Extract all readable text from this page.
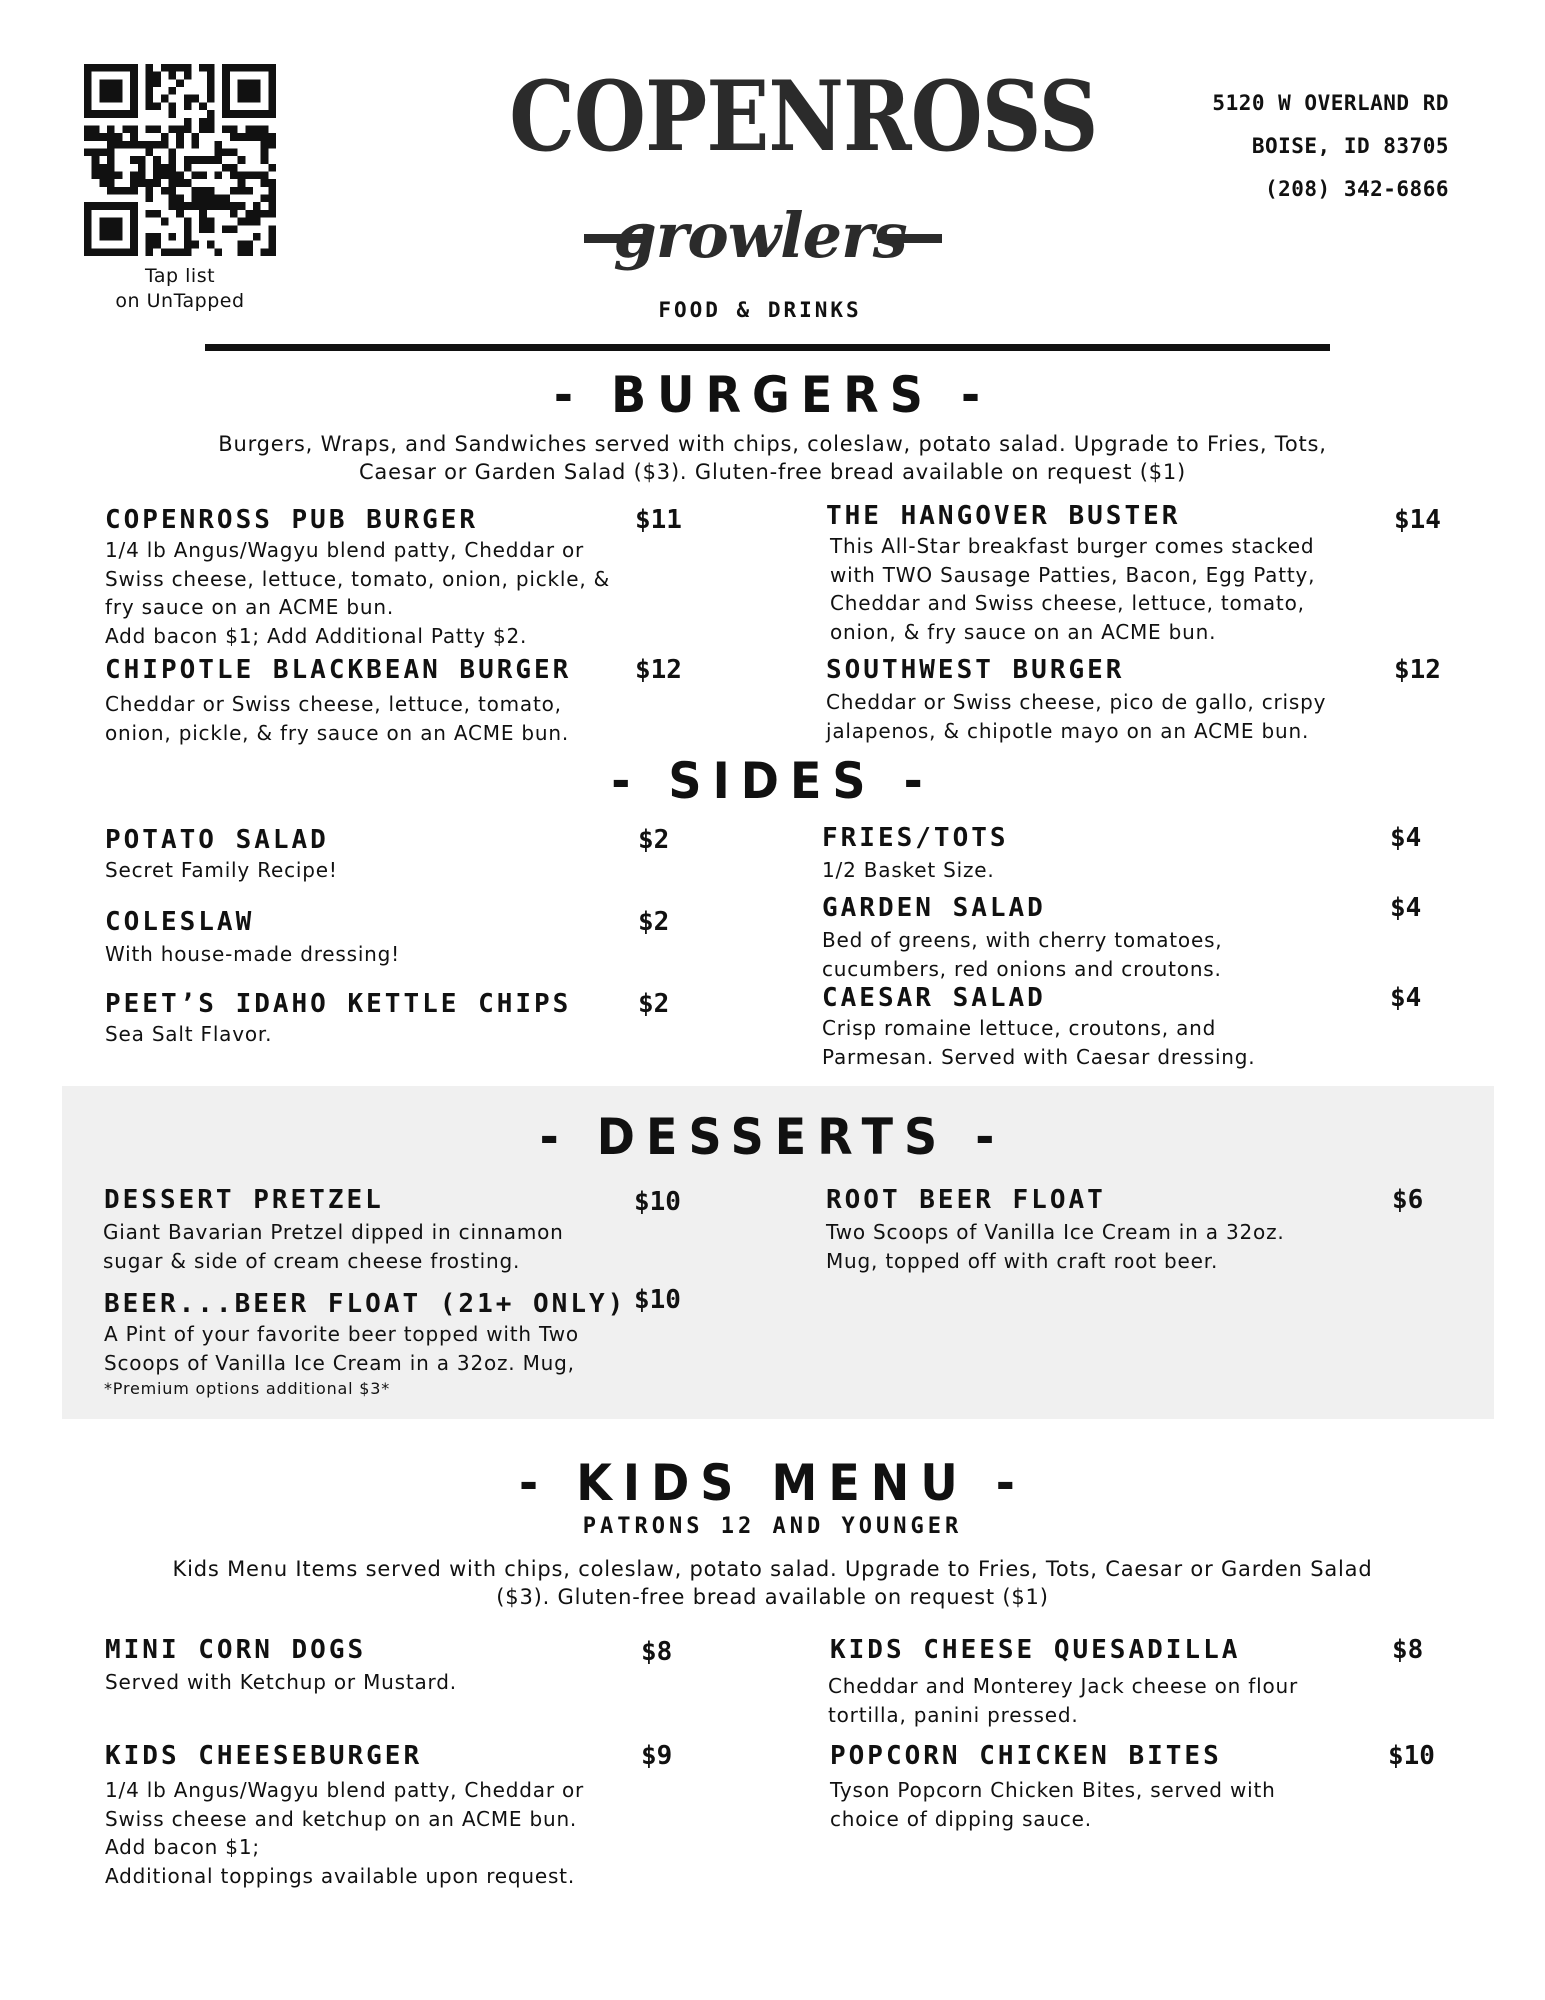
Tap list
on UnTapped
COPENROSS
growlers
FOOD & DRINKS
5120 W OVERLAND RD
BOISE, ID 83705
(208) 342-6866
- BURGERS -
Burgers, Wraps, and Sandwiches served with chips, coleslaw, potato salad. Upgrade to Fries, Tots,
Caesar or Garden Salad ($3). Gluten-free bread available on request ($1)
COPENROSS PUB BURGER	$11
1/4 lb Angus/Wagyu blend patty, Cheddar or
Swiss cheese, lettuce, tomato, onion, pickle, &
fry sauce on an ACME bun.
Add bacon $1; Add Additional Patty $2.
THE HANGOVER BUSTER	$14
This All-Star breakfast burger comes stacked
with TWO Sausage Patties, Bacon, Egg Patty,
Cheddar and Swiss cheese, lettuce, tomato,
onion, & fry sauce on an ACME bun.
CHIPOTLE BLACKBEAN BURGER $12
Cheddar or Swiss cheese, lettuce, tomato,
onion, pickle, & fry sauce on an ACME bun.
SOUTHWEST BURGER	$12
Cheddar or Swiss cheese, pico de gallo, crispy
jalapenos, & chipotle mayo on an ACME bun.
- SIDES -
POTATO SALAD	$2
Secret Family Recipe!
FRIES/TOTS	$4
1/2 Basket Size.
COLESLAW	$2
With house-made dressing!
GARDEN SALAD	$4
Bed of greens, with cherry tomatoes,
cucumbers, red onions and croutons.
PEET’S IDAHO KETTLE CHIPS	$2
Sea Salt Flavor.
CAESAR SALAD	$4
Crisp romaine lettuce, croutons, and
Parmesan. Served with Caesar dressing.
- DESSERTS -
DESSERT PRETZEL	$10
Giant Bavarian Pretzel dipped in cinnamon
sugar & side of cream cheese frosting.
ROOT BEER FLOAT	$6
Two Scoops of Vanilla Ice Cream in a 32oz.
Mug, topped off with craft root beer.
BEER...BEER FLOAT (21+ ONLY) $10
A Pint of your favorite beer topped with Two
Scoops of Vanilla Ice Cream in a 32oz. Mug,
*Premium options additional $3*
- KIDS MENU -
PATRONS 12 AND YOUNGER
Kids Menu Items served with chips, coleslaw, potato salad. Upgrade to Fries, Tots, Caesar or Garden Salad
($3). Gluten-free bread available on request ($1)
MINI CORN DOGS	$8
Served with Ketchup or Mustard.
KIDS CHEESE QUESADILLA	$8
Cheddar and Monterey Jack cheese on flour
tortilla, panini pressed.
KIDS CHEESEBURGER	$9
1/4 lb Angus/Wagyu blend patty, Cheddar or
Swiss cheese and ketchup on an ACME bun.
Add bacon $1;
Additional toppings available upon request.
POPCORN CHICKEN BITES	$10
Tyson Popcorn Chicken Bites, served with
choice of dipping sauce.
